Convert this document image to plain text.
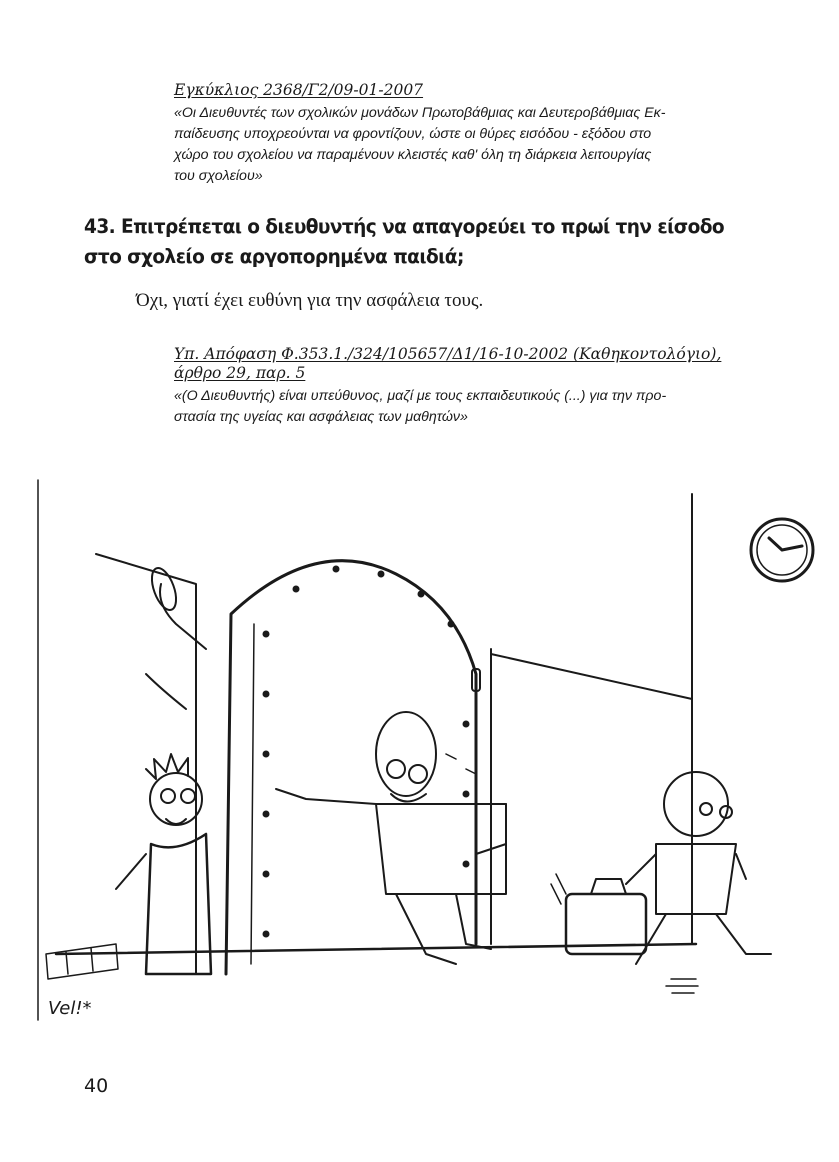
Εγκύκλιος 2368/Γ2/09-01-2007

«Οι Διευθυντές των σχολικών μονάδων Πρωτοβάθμιας και Δευτεροβάθμιας Εκ-
παίδευσης υποχρεούνται να φροντίζουν, ώστε οι θύρες εισόδου - εξόδου στο
χώρο του σχολείου να παραμένουν κλειστές καθ' όλη τη διάρκεια λειτουργίας
του σχολείου»
43. Επιτρέπεται ο διευθυντής να απαγορεύει το πρωί την είσοδο
στο σχολείο σε αργοπορημένα παιδιά;

Όχι, γιατί έχει ευθύνη για την ασφάλεια τους.

Υπ. Απόφαση Φ.353.1./324/105657/Δ1/16-10-2002 (Καθηκοντολόγιο),
άρθρο 29, παρ. 5
«(Ο Διευθυντής) είναι υπεύθυνος, μαζί με τους εκπαιδευτικούς (...) για την προ-
στασία της υγείας και ασφάλειας των μαθητών»
Vel!*

40
